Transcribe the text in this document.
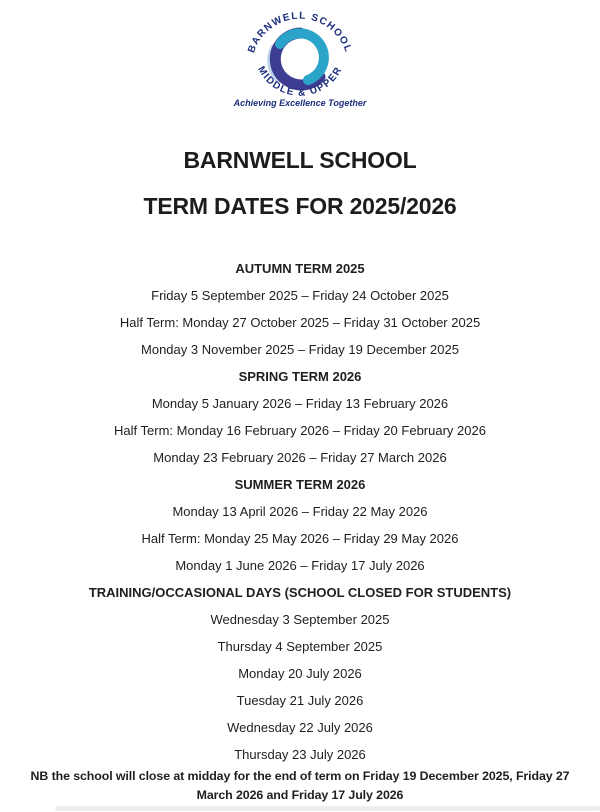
BARNWELL SCHOOL
MIDDLE & UPPER
Achieving Excellence Together
BARNWELL SCHOOL
TERM DATES FOR 2025/2026
AUTUMN TERM 2025
Friday 5 September 2025 – Friday 24 October 2025
Half Term: Monday 27 October 2025 – Friday 31 October 2025
Monday 3 November 2025 – Friday 19 December 2025
SPRING TERM 2026
Monday 5 January 2026 – Friday 13 February 2026
Half Term: Monday 16 February 2026 – Friday 20 February 2026
Monday 23 February 2026 – Friday 27 March 2026
SUMMER TERM 2026
Monday 13 April 2026 – Friday 22 May 2026
Half Term: Monday 25 May 2026 – Friday 29 May 2026
Monday 1 June 2026 – Friday 17 July 2026
TRAINING/OCCASIONAL DAYS (SCHOOL CLOSED FOR STUDENTS)
Wednesday 3 September 2025
Thursday 4 September 2025
Monday 20 July 2026
Tuesday 21 July 2026
Wednesday 22 July 2026
Thursday 23 July 2026
NB the school will close at midday for the end of term on Friday 19 December 2025, Friday 27
March 2026 and Friday 17 July 2026
